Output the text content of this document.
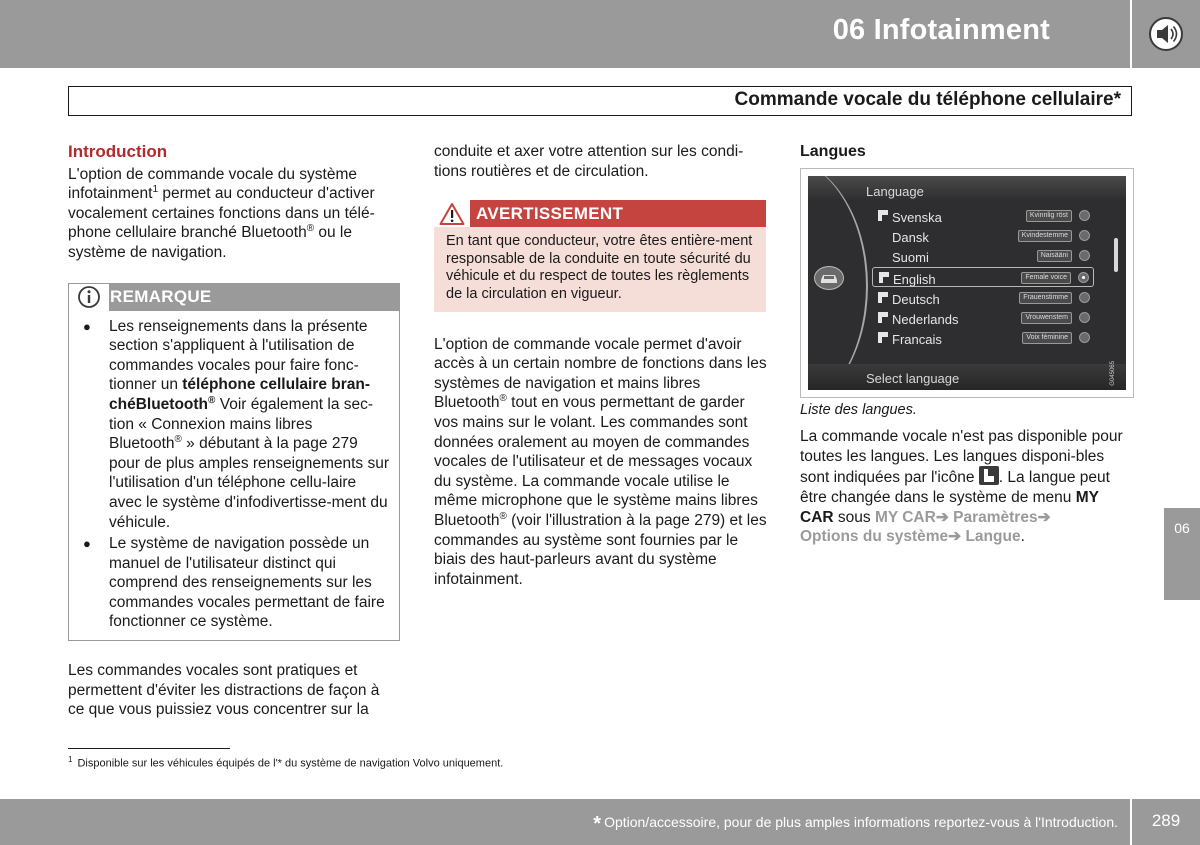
06 Infotainment
Commande vocale du téléphone cellulaire*
Introduction

L'option de commande vocale du système infotainment$^1$ permet au conducteur d'activer vocalement certaines fonctions dans un télé-phone cellulaire branché Bluetooth® ou le système de navigation.

REMARQUE
●	Les renseignements dans la présente section s'appliquent à l'utilisation de commandes vocales pour faire fonc-tionner un téléphone cellulaire bran-chéBluetooth® Voir également la sec-tion « Connexion mains libres Bluetooth® » débutant à la page 279 pour de plus amples renseignements sur l'utilisation d'un téléphone cellu-laire avec le système d'infodivertisse-ment du véhicule.
●	Le système de navigation possède un manuel de l'utilisateur distinct qui comprend des renseignements sur les commandes vocales permettant de faire fonctionner ce système.

Les commandes vocales sont pratiques et permettent d'éviter les distractions de façon à ce que vous puissiez vous concentrer sur la

conduite et axer votre attention sur les condi-tions routières et de circulation.

AVERTISSEMENT
En tant que conducteur, votre êtes entière-ment responsable de la conduite en toute sécurité du véhicule et du respect de toutes les règlements de la circulation en vigueur.

L'option de commande vocale permet d'avoir accès à un certain nombre de fonctions dans les systèmes de navigation et mains libres Bluetooth® tout en vous permettant de garder vos mains sur le volant. Les commandes sont données oralement au moyen de commandes vocales de l'utilisateur et de messages vocaux du système. La commande vocale utilise le même microphone que le système mains libres Bluetooth® (voir l'illustration à la page 279) et les commandes au système sont fournies par le biais des haut-parleurs avant du système infotainment.

Langues
Language
Svenska	Kvinnlig röst
Dansk	Kvindestemme
Suomi	Naisääni
English	Female voice
Deutsch	Frauenstimme
Nederlands	Vrouwenstem
Francais	Voix féminine
Select language	G045065
Liste des langues.

La commande vocale n'est pas disponible pour toutes les langues. Les langues disponi-bles sont indiquées par l'icône . La langue peut être changée dans le système de menu MY CAR sous MY CAR➔ Paramètres➔
Options du système➔ Langue.

06
$^1$ Disponible sur les véhicules équipés de l'* du système de navigation Volvo uniquement.
* Option/accessoire, pour de plus amples informations reportez-vous à l'Introduction.	289
